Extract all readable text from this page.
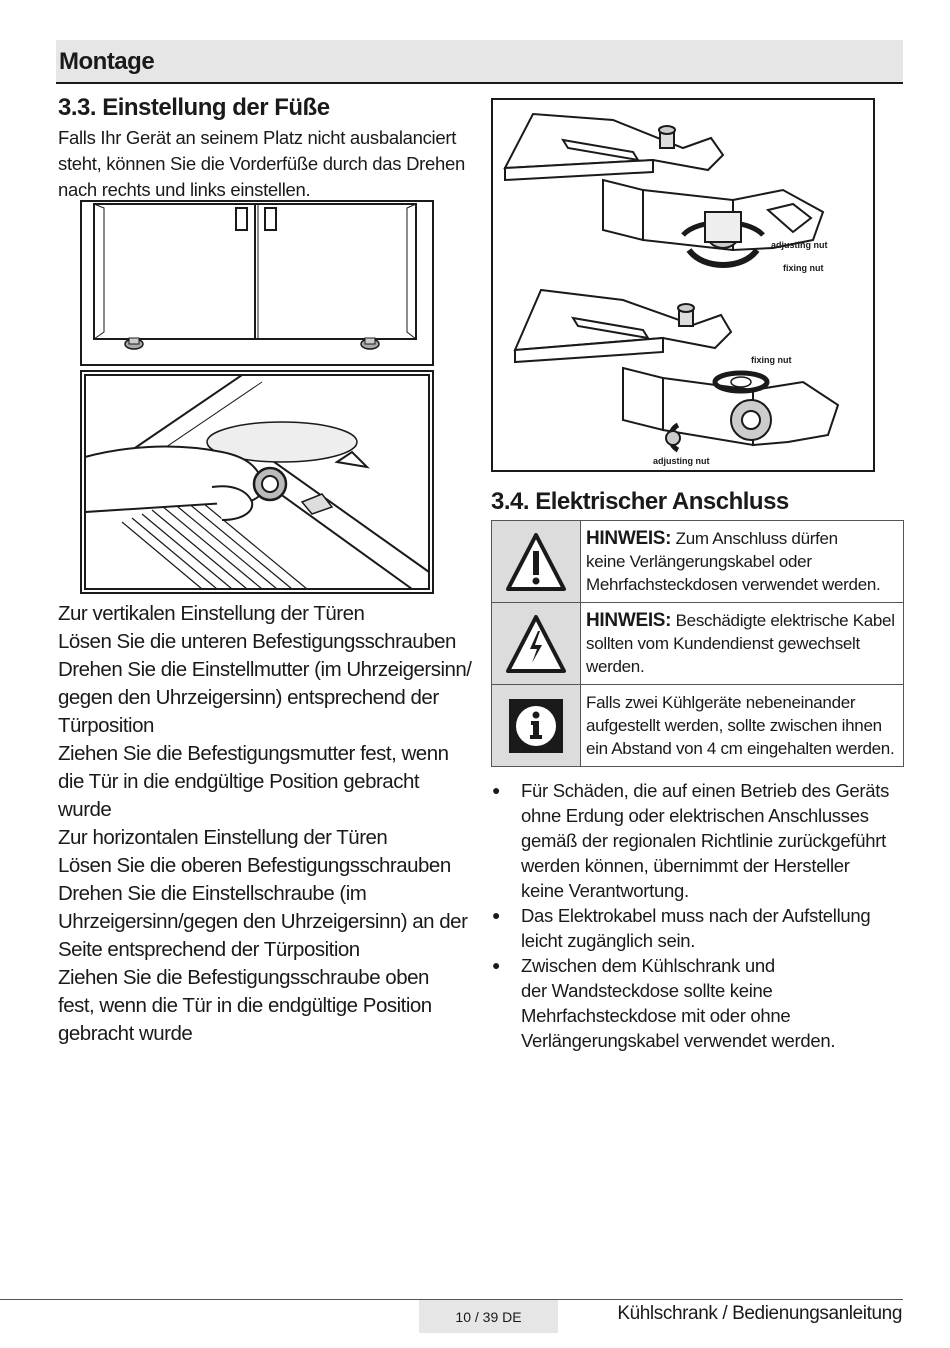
Montage
3.3. Einstellung der Füße
Falls Ihr Gerät an seinem Platz nicht ausbalanciert
steht, können Sie die Vorderfüße durch das Drehen
nach rechts und links einstellen.

Zur vertikalen Einstellung der Türen

Lösen Sie die unteren Befestigungsschrauben

Drehen Sie die Einstellmutter (im Uhrzeigersinn/

gegen den Uhrzeigersinn) entsprechend der

Türposition

Ziehen Sie die Befestigungsmutter fest, wenn

die Tür in die endgültige Position gebracht

wurde

Zur horizontalen Einstellung der Türen

Lösen Sie die oberen Befestigungsschrauben

Drehen Sie die Einstellschraube (im

Uhrzeigersinn/gegen den Uhrzeigersinn) an der

Seite entsprechend der Türposition

Ziehen Sie die Befestigungsschraube oben

fest, wenn die Tür in die endgültige Position

gebracht wurde

adjusting nut
fixing nut
fixing nut
adjusting nut
3.4. Elektrischer Anschluss
HINWEIS: Zum Anschluss dürfen
keine Verlängerungskabel oder
Mehrfachsteckdosen verwendet werden.
HINWEIS: Beschädigte elektrische Kabel
sollten vom Kundendienst gewechselt
werden.
Falls zwei Kühlgeräte nebeneinander
aufgestellt werden, sollte zwischen ihnen
ein Abstand von 4 cm eingehalten werden.
● Für Schäden, die auf einen Betrieb des Geräts
ohne Erdung oder elektrischen Anschlusses
gemäß der regionalen Richtlinie zurückgeführt
werden können, übernimmt der Hersteller
keine Verantwortung.
● Das Elektrokabel muss nach der Aufstellung
leicht zugänglich sein.
● Zwischen dem Kühlschrank und
der Wandsteckdose sollte keine
Mehrfachsteckdose mit oder ohne
Verlängerungskabel verwendet werden.
10 / 39 DE	Kühlschrank / Bedienungsanleitung
